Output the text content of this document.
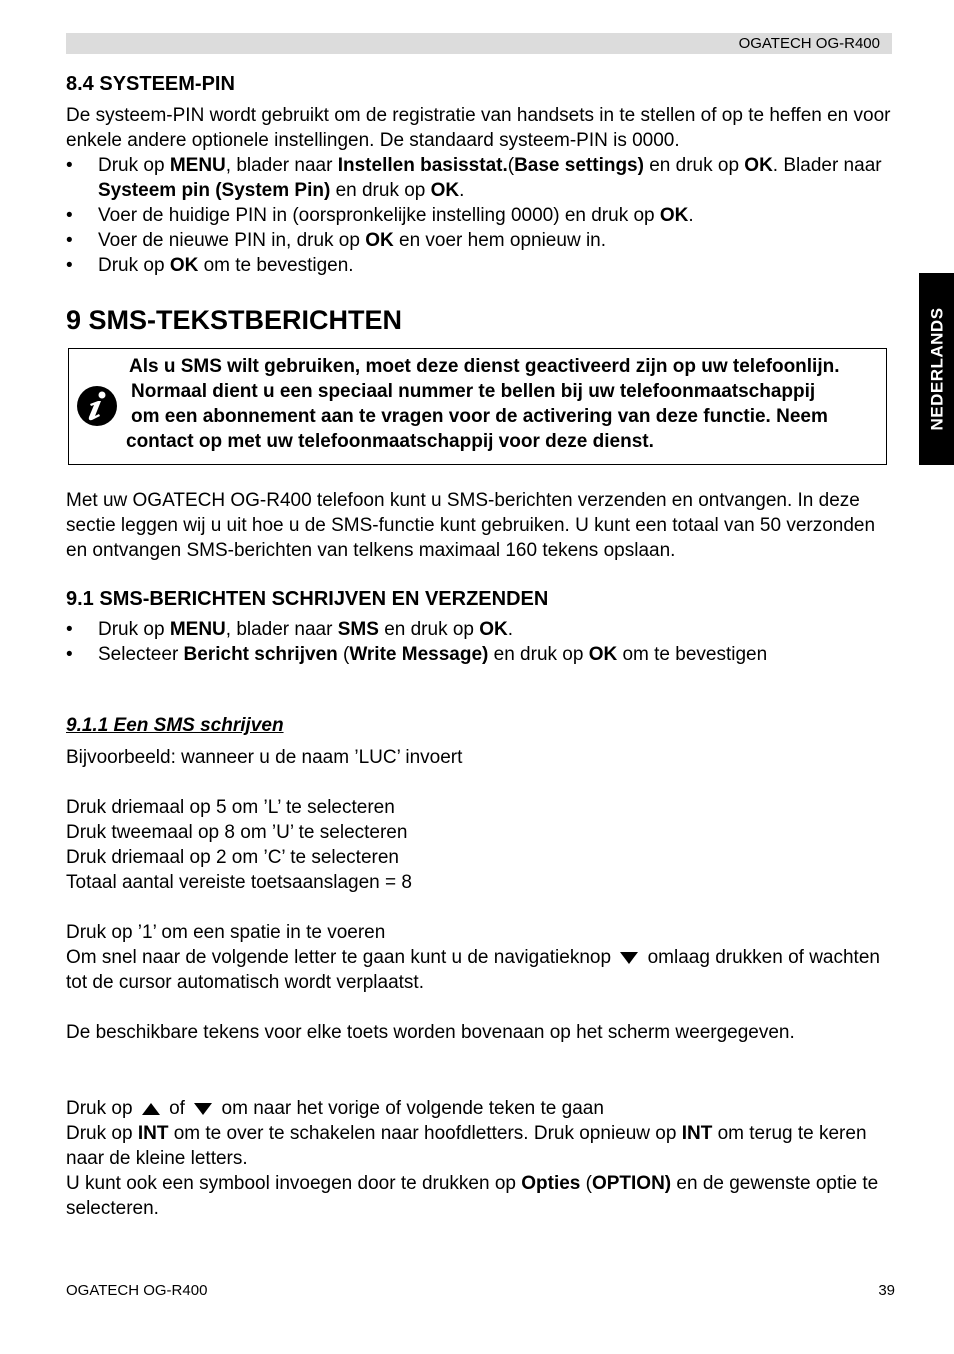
OGATECH OG-R400
NEDERLANDS
8.4 SYSTEEM-PIN
De systeem-PIN wordt gebruikt om de registratie van handsets in te stellen of op te heffen en voor enkele andere optionele instellingen. De standaard systeem-PIN is 0000.
• Druk op MENU, blader naar Instellen basisstat.(Base settings) en druk op OK. Blader naar Systeem pin (System Pin) en druk op OK.
• Voer de huidige PIN in (oorspronkelijke instelling 0000) en druk op OK.
• Voer de nieuwe PIN in, druk op OK en voer hem opnieuw in.
• Druk op OK om te bevestigen.
9 SMS-TEKSTBERICHTEN
Als u SMS wilt gebruiken, moet deze dienst geactiveerd zijn op uw telefoonlijn.
Normaal dient u een speciaal nummer te bellen bij uw telefoonmaatschappij
om een abonnement aan te vragen voor de activering van deze functie. Neem
contact op met uw telefoonmaatschappij voor deze dienst.
Met uw OGATECH OG-R400 telefoon kunt u SMS-berichten verzenden en ontvangen. In deze sectie leggen wij u uit hoe u de SMS-functie kunt gebruiken. U kunt een totaal van 50 verzonden en ontvangen SMS-berichten van telkens maximaal 160 tekens opslaan.
9.1 SMS-BERICHTEN SCHRIJVEN EN VERZENDEN
• Druk op MENU, blader naar SMS en druk op OK.
• Selecteer Bericht schrijven (Write Message) en druk op OK om te bevestigen
9.1.1 Een SMS schrijven
Bijvoorbeeld: wanneer u de naam ’LUC’ invoert
Druk driemaal op 5 om ’L’ te selecteren
Druk tweemaal op 8 om ’U’ te selecteren
Druk driemaal op 2 om ’C’ te selecteren
Totaal aantal vereiste toetsaanslagen = 8
Druk op ’1’ om een spatie in te voeren
Om snel naar de volgende letter te gaan kunt u de navigatieknop  omlaag drukken of wachten tot de cursor automatisch wordt verplaatst.
De beschikbare tekens voor elke toets worden bovenaan op het scherm weergegeven.
Druk op of om naar het vorige of volgende teken te gaan
Druk op INT om te over te schakelen naar hoofdletters. Druk opnieuw op INT om terug te keren naar de kleine letters.
U kunt ook een symbool invoegen door te drukken op Opties (OPTION) en de gewenste optie te selecteren.
OGATECH OG-R400	39
